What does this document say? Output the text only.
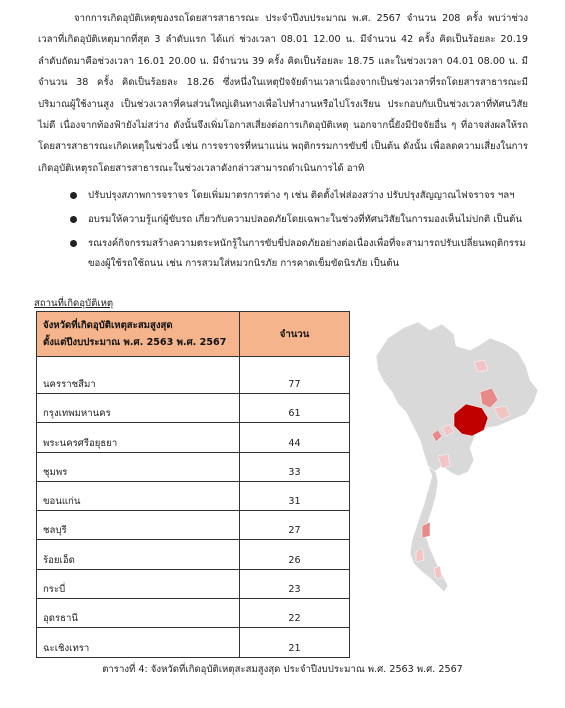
จากการเกิดอุบัติเหตุของรถโดยสารสาธารณะ ประจำปีงบประมาณ พ.ศ. 2567 จำนวน 208 ครั้ง พบว่าช่วงเวลาที่เกิดอุบัติเหตุมากที่สุด 3 ลำดับแรก ได้แก่ ช่วงเวลา 08.01 12.00 น. มีจำนวน 42 ครั้ง คิดเป็นร้อยละ 20.19 ลำดับถัดมาคือช่วงเวลา 16.01 20.00 น. มีจำนวน 39 ครั้ง คิดเป็นร้อยละ 18.75 และในช่วงเวลา 04.01 08.00 น. มีจำนวน 38 ครั้ง คิดเป็นร้อยละ 18.26 ซึ่งหนึ่งในเหตุปัจจัยด้านเวลาเนื่องจากเป็นช่วงเวลาที่รถโดยสารสาธารณะมีปริมาณผู้ใช้งานสูง เป็นช่วงเวลาที่คนส่วนใหญ่เดินทางเพื่อไปทำงานหรือไปโรงเรียน ประกอบกับเป็นช่วงเวลาที่ทัศนวิสัยไม่ดี เนื่องจากท้องฟ้ายังไม่สว่าง ดังนั้นจึงเพิ่มโอกาสเสี่ยงต่อการเกิดอุบัติเหตุ นอกจากนี้ยังมีปัจจัยอื่น ๆ ที่อาจส่งผลให้รถโดยสารสาธารณะเกิดเหตุในช่วงนี้ เช่น การจราจรที่หนาแน่น พฤติกรรมการขับขี่ เป็นต้น ดังนั้น เพื่อลดความเสี่ยงในการเกิดอุบัติเหตุรถโดยสารสาธารณะในช่วงเวลาดังกล่าวสามารถดำเนินการได้ อาทิ

ปรับปรุงสภาพการจราจร โดยเพิ่มมาตรการต่าง ๆ เช่น ติดตั้งไฟส่องสว่าง ปรับปรุงสัญญาณไฟจราจร ฯลฯ
อบรมให้ความรู้แก่ผู้ขับรถ เกี่ยวกับความปลอดภัยโดยเฉพาะในช่วงที่ทัศนวิสัยในการมองเห็นไม่ปกติ เป็นต้น
รณรงค์กิจกรรมสร้างความตระหนักรู้ในการขับขี่ปลอดภัยอย่างต่อเนื่องเพื่อที่จะสามารถปรับเปลี่ยนพฤติกรรมของผู้ใช้รถใช้ถนน เช่น การสวมใส่หมวกนิรภัย การคาดเข็มขัดนิรภัย เป็นต้น

สถานที่เกิดอุบัติเหตุ

จังหวัดที่เกิดอุบัติเหตุสะสมสูงสุด
ตั้งแต่ปีงบประมาณ พ.ศ. 2563 พ.ศ. 2567	จำนวน
นครราชสีมา	77
กรุงเทพมหานคร	61
พระนครศรีอยุธยา	44
ชุมพร	33
ขอนแก่น	31
ชลบุรี	27
ร้อยเอ็ด	26
กระบี่	23
อุดรธานี	22
ฉะเชิงเทรา	21

ตารางที่ 4: จังหวัดที่เกิดอุบัติเหตุสะสมสูงสุด ประจำปีงบประมาณ พ.ศ. 2563 พ.ศ. 2567
